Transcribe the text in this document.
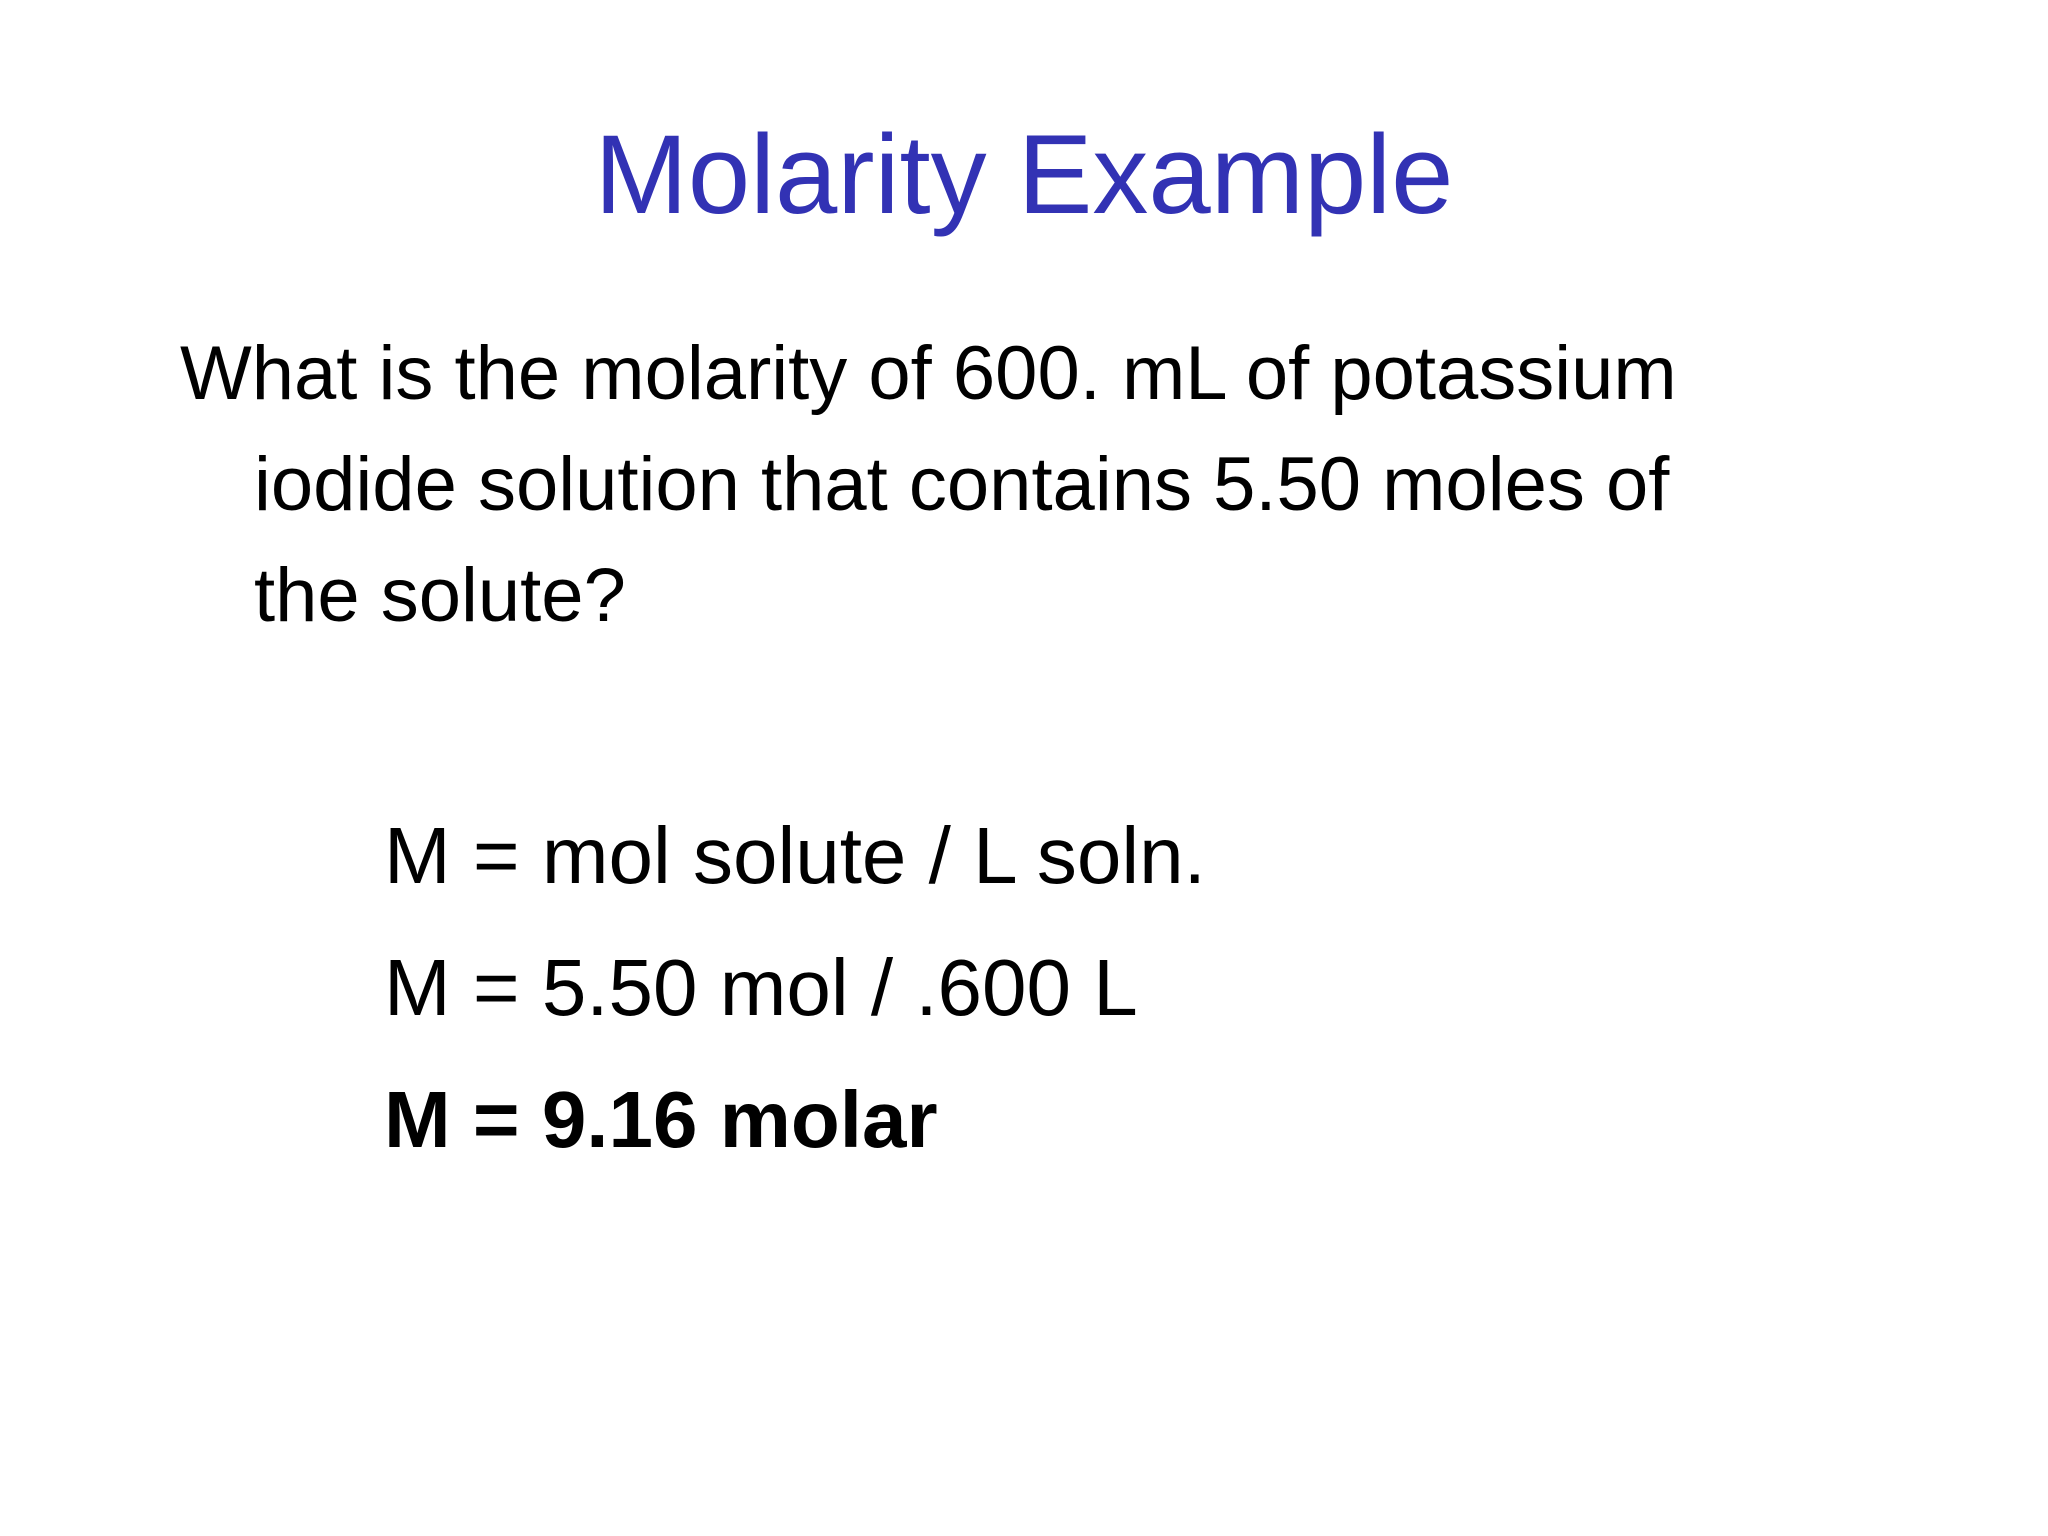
Molarity Example
What is the molarity of 600. mL of potassium
iodide solution that contains 5.50 moles of
the solute?
M = mol solute / L soln.
M = 5.50 mol / .600 L
M = 9.16 molar
